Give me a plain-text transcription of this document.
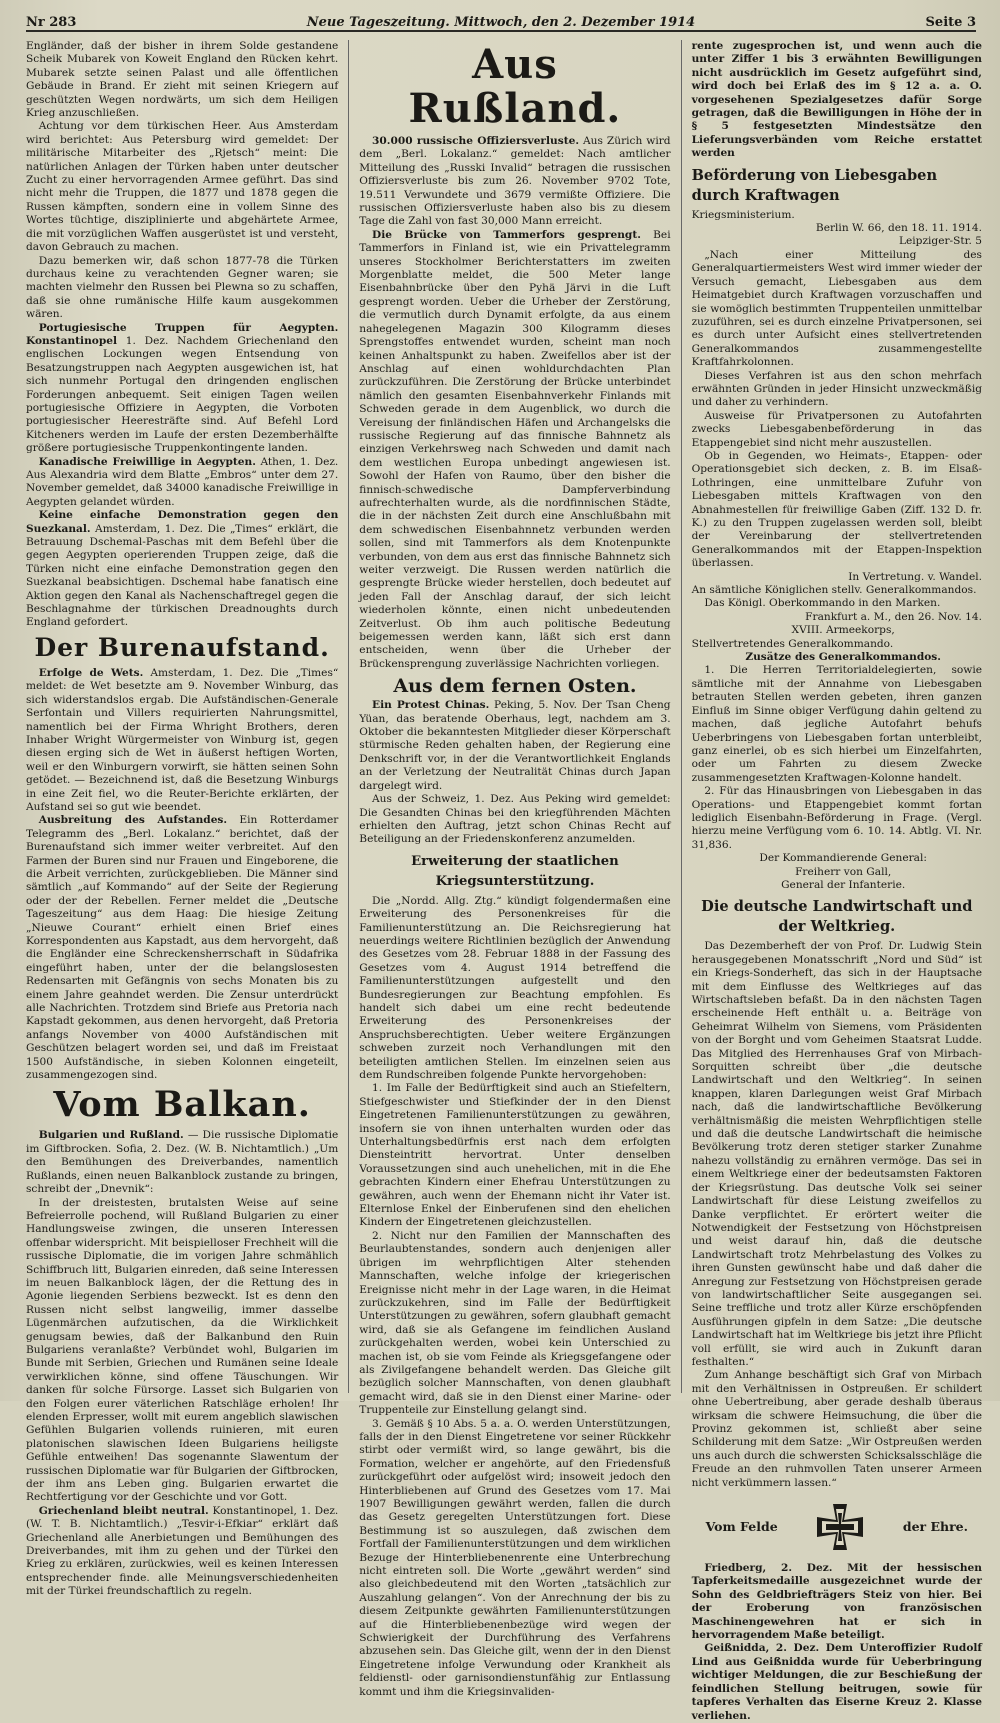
Nr 283	Neue Tageszeitung. Mittwoch, den 2. Dezember 1914	Seite 3

Engländer, daß der bisher in ihrem Solde gestandene Scheik Mubarek von Koweit England den Rücken kehrt. Mubarek setzte seinen Palast und alle öffentlichen Gebäude in Brand. Er zieht mit seinen Kriegern auf geschützten Wegen nordwärts, um sich dem Heiligen Krieg anzuschließen.

Achtung vor dem türkischen Heer. Aus Amsterdam wird berichtet: Aus Petersburg wird gemeldet: Der militärische Mitarbeiter des „Rjetsch“ meint: Die natürlichen Anlagen der Türken haben unter deutscher Zucht zu einer hervorragenden Armee geführt. Das sind nicht mehr die Truppen, die 1877 und 1878 gegen die Russen kämpften, sondern eine in vollem Sinne des Wortes tüchtige, disziplinierte und abgehärtete Armee, die mit vorzüglichen Waffen ausgerüstet ist und versteht, davon Gebrauch zu machen.

Dazu bemerken wir, daß schon 1877-78 die Türken durchaus keine zu verachtenden Gegner waren; sie machten vielmehr den Russen bei Plewna so zu schaffen, daß sie ohne rumänische Hilfe kaum ausgekommen wären.

Portugiesische Truppen für Aegypten. Konstantinopel 1. Dez. Nachdem Griechenland den englischen Lockungen wegen Entsendung von Besatzungstruppen nach Aegypten ausgewichen ist, hat sich nunmehr Portugal den dringenden englischen Forderungen anbequemt. Seit einigen Tagen weilen portugiesische Offiziere in Aegypten, die Vorboten portugiesischer Heeresträfte sind. Auf Befehl Lord Kitcheners werden im Laufe der ersten Dezemberhälfte größere portugiesische Truppenkontingente landen.

Kanadische Freiwillige in Aegypten. Athen, 1. Dez. Aus Alexandria wird dem Blatte „Embros“ unter dem 27. November gemeldet, daß 34000 kanadische Freiwillige in Aegypten gelandet würden.

Keine einfache Demonstration gegen den Suezkanal. Amsterdam, 1. Dez. Die „Times“ erklärt, die Betrauung Dschemal-Paschas mit dem Befehl über die gegen Aegypten operierenden Truppen zeige, daß die Türken nicht eine einfache Demonstration gegen den Suezkanal beabsichtigen. Dschemal habe fanatisch eine Aktion gegen den Kanal als Nachenschaftregel gegen die Beschlagnahme der türkischen Dreadnoughts durch England gefordert.

Der Burenaufstand.

Erfolge de Wets. Amsterdam, 1. Dez. Die „Times“ meldet: de Wet besetzte am 9. November Winburg, das sich widerstandslos ergab. Die Aufständischen-Generale Serfontain und Villers requirierten Nahrungsmittel, namentlich bei der Firma Whright Brothers, deren Inhaber Wright Würgermeister von Winburg ist, gegen diesen erging sich de Wet in äußerst heftigen Worten, weil er den Winburgern vorwirft, sie hätten seinen Sohn getödet. — Bezeichnend ist, daß die Besetzung Winburgs in eine Zeit fiel, wo die Reuter-Berichte erklärten, der Aufstand sei so gut wie beendet.

Ausbreitung des Aufstandes. Ein Rotterdamer Telegramm des „Berl. Lokalanz.“ berichtet, daß der Burenaufstand sich immer weiter verbreitet. Auf den Farmen der Buren sind nur Frauen und Eingeborene, die die Arbeit verrichten, zurückgeblieben. Die Männer sind sämtlich „auf Kommando“ auf der Seite der Regierung oder der der Rebellen. Ferner meldet die „Deutsche Tageszeitung“ aus dem Haag: Die hiesige Zeitung „Nieuwe Courant“ erhielt einen Brief eines Korrespondenten aus Kapstadt, aus dem hervorgeht, daß die Engländer eine Schreckensherrschaft in Südafrika eingeführt haben, unter der die belangslosesten Redensarten mit Gefängnis von sechs Monaten bis zu einem Jahre geahndet werden. Die Zensur unterdrückt alle Nachrichten. Trotzdem sind Briefe aus Pretoria nach Kapstadt gekommen, aus denen hervorgeht, daß Pretoria anfangs November von 4000 Aufständischen mit Geschützen belagert worden sei, und daß im Freistaat 1500 Aufständische, in sieben Kolonnen eingeteilt, zusammengezogen sind.

Vom Balkan.

Bulgarien und Rußland. — Die russische Diplomatie im Giftbrocken. Sofia, 2. Dez. (W. B. Nichtamtlich.) „Um den Bemühungen des Dreiverbandes, namentlich Rußlands, einen neuen Balkanblock zustande zu bringen, schreibt der „Dnevnik“:

In der dreistesten, brutalsten Weise auf seine Befreierrolle pochend, will Rußland Bulgarien zu einer Handlungsweise zwingen, die unseren Interessen offenbar widerspricht. Mit beispielloser Frechheit will die russische Diplomatie, die im vorigen Jahre schmählich Schiffbruch litt, Bulgarien einreden, daß seine Interessen im neuen Balkanblock lägen, der die Rettung des in Agonie liegenden Serbiens bezweckt. Ist es denn den Russen nicht selbst langweilig, immer dasselbe Lügenmärchen aufzutischen, da die Wirklichkeit genugsam bewies, daß der Balkanbund den Ruin Bulgariens veranlaßte? Verbündet wohl, Bulgarien im Bunde mit Serbien, Griechen und Rumänen seine Ideale verwirklichen könne, sind offene Täuschungen. Wir danken für solche Fürsorge. Lasset sich Bulgarien von den Folgen eurer väterlichen Ratschläge erholen! Ihr elenden Erpresser, wollt mit eurem angeblich slawischen Gefühlen Bulgarien vollends ruinieren, mit euren platonischen slawischen Ideen Bulgariens heiligste Gefühle entweihen! Das sogenannte Slawentum der russischen Diplomatie war für Bulgarien der Giftbrocken, der ihm ans Leben ging. Bulgarien erwartet die Rechtfertigung vor der Geschichte und vor Gott.

Griechenland bleibt neutral. Konstantinopel, 1. Dez. (W. T. B. Nichtamtlich.) „Tesvir-i-Efkiar“ erklärt daß Griechenland alle Anerbietungen und Bemühungen des Dreiverbandes, mit ihm zu gehen und der Türkei den Krieg zu erklären, zurückwies, weil es keinen Interessen entsprechender finde. alle Meinungsverschiedenheiten mit der Türkei freundschaftlich zu regeln.

Aus Rußland.

30.000 russische Offiziersverluste. Aus Zürich wird dem „Berl. Lokalanz.“ gemeldet: Nach amtlicher Mitteilung des „Russki Invalid“ betragen die russischen Offiziersverluste bis zum 26. November 9702 Tote, 19.511 Verwundete und 3679 vermißte Offiziere. Die russischen Offiziersverluste haben also bis zu diesem Tage die Zahl von fast 30,000 Mann erreicht.

Die Brücke von Tammerfors gesprengt. Bei Tammerfors in Finland ist, wie ein Privattelegramm unseres Stockholmer Berichterstatters im zweiten Morgenblatte meldet, die 500 Meter lange Eisenbahnbrücke über den Pyhä Järvi in die Luft gesprengt worden. Ueber die Urheber der Zerstörung, die vermutlich durch Dynamit erfolgte, da aus einem nahegelegenen Magazin 300 Kilogramm dieses Sprengstoffes entwendet wurden, scheint man noch keinen Anhaltspunkt zu haben. Zweifellos aber ist der Anschlag auf einen wohldurchdachten Plan zurückzuführen. Die Zerstörung der Brücke unterbindet nämlich den gesamten Eisenbahnverkehr Finlands mit Schweden gerade in dem Augenblick, wo durch die Vereisung der finländischen Häfen und Archangelsks die russische Regierung auf das finnische Bahnnetz als einzigen Verkehrsweg nach Schweden und damit nach dem westlichen Europa unbedingt angewiesen ist. Sowohl der Hafen von Raumo, über den bisher die finnisch-schwedische Dampferverbindung aufrechterhalten wurde, als die nordfinnischen Städte, die in der nächsten Zeit durch eine Anschlußbahn mit dem schwedischen Eisenbahnnetz verbunden werden sollen, sind mit Tammerfors als dem Knotenpunkte verbunden, von dem aus erst das finnische Bahnnetz sich weiter verzweigt. Die Russen werden natürlich die gesprengte Brücke wieder herstellen, doch bedeutet auf jeden Fall der Anschlag darauf, der sich leicht wiederholen könnte, einen nicht unbedeutenden Zeitverlust. Ob ihm auch politische Bedeutung beigemessen werden kann, läßt sich erst dann entscheiden, wenn über die Urheber der Brückensprengung zuverlässige Nachrichten vorliegen.

Aus dem fernen Osten.

Ein Protest Chinas. Peking, 5. Nov. Der Tsan Cheng Yüan, das beratende Oberhaus, legt, nachdem am 3. Oktober die bekanntesten Mitglieder dieser Körperschaft stürmische Reden gehalten haben, der Regierung eine Denkschrift vor, in der die Verantwortlichkeit Englands an der Verletzung der Neutralität Chinas durch Japan dargelegt wird.

Aus der Schweiz, 1. Dez. Aus Peking wird gemeldet: Die Gesandten Chinas bei den kriegführenden Mächten erhielten den Auftrag, jetzt schon Chinas Recht auf Beteiligung an der Friedenskonferenz anzumelden.

Erweiterung der staatlichen Kriegsunterstützung.

Die „Nordd. Allg. Ztg.“ kündigt folgendermaßen eine Erweiterung des Personenkreises für die Familienunterstützung an. Die Reichsregierung hat neuerdings weitere Richtlinien bezüglich der Anwendung des Gesetzes vom 28. Februar 1888 in der Fassung des Gesetzes vom 4. August 1914 betreffend die Familienunterstützungen aufgestellt und den Bundesregierungen zur Beachtung empfohlen. Es handelt sich dabei um eine recht bedeutende Erweiterung des Personenkreises der Anspruchsberechtigten. Ueber weitere Ergänzungen schweben zurzeit noch Verhandlungen mit den beteiligten amtlichen Stellen. Im einzelnen seien aus dem Rundschreiben folgende Punkte hervorgehoben:

1. Im Falle der Bedürftigkeit sind auch an Stiefeltern, Stiefgeschwister und Stiefkinder der in den Dienst Eingetretenen Familienunterstützungen zu gewähren, insofern sie von ihnen unterhalten wurden oder das Unterhaltungsbedürfnis erst nach dem erfolgten Diensteintritt hervortrat. Unter denselben Voraussetzungen sind auch unehelichen, mit in die Ehe gebrachten Kindern einer Ehefrau Unterstützungen zu gewähren, auch wenn der Ehemann nicht ihr Vater ist. Elternlose Enkel der Einberufenen sind den ehelichen Kindern der Eingetretenen gleichzustellen.

2. Nicht nur den Familien der Mannschaften des Beurlaubtenstandes, sondern auch denjenigen aller übrigen im wehrpflichtigen Alter stehenden Mannschaften, welche infolge der kriegerischen Ereignisse nicht mehr in der Lage waren, in die Heimat zurückzukehren, sind im Falle der Bedürftigkeit Unterstützungen zu gewähren, sofern glaubhaft gemacht wird, daß sie als Gefangene im feindlichen Ausland zurückgehalten werden, wobei kein Unterschied zu machen ist, ob sie vom Feinde als Kriegsgefangene oder als Zivilgefangene behandelt werden. Das Gleiche gilt bezüglich solcher Mannschaften, von denen glaubhaft gemacht wird, daß sie in den Dienst einer Marine- oder Truppenteile zur Einstellung gelangt sind.

3. Gemäß § 10 Abs. 5 a. a. O. werden Unterstützungen, falls der in den Dienst Eingetretene vor seiner Rückkehr stirbt oder vermißt wird, so lange gewährt, bis die Formation, welcher er angehörte, auf den Friedensfuß zurückgeführt oder aufgelöst wird; insoweit jedoch den Hinterbliebenen auf Grund des Gesetzes vom 17. Mai 1907 Bewilligungen gewährt werden, fallen die durch das Gesetz geregelten Unterstützungen fort. Diese Bestimmung ist so auszulegen, daß zwischen dem Fortfall der Familienunterstützungen und dem wirklichen Bezuge der Hinterbliebenenrente eine Unterbrechung nicht eintreten soll. Die Worte „gewährt werden“ sind also gleichbedeutend mit den Worten „tatsächlich zur Auszahlung gelangen“. Von der Anrechnung der bis zu diesem Zeitpunkte gewährten Familienunterstützungen auf die Hinterbliebenenbezüge wird wegen der Schwierigkeit der Durchführung des Verfahrens abzusehen sein. Das Gleiche gilt, wenn der in den Dienst Eingetretene infolge Verwundung oder Krankheit als feldienstl- oder garnisondienstunfähig zur Entlassung kommt und ihm die Kriegsinvaliden-

rente zugesprochen ist, und wenn auch die unter Ziffer 1 bis 3 erwähnten Bewilligungen nicht ausdrücklich im Gesetz aufgeführt sind, wird doch bei Erlaß des im § 12 a. a. O. vorgesehenen Spezialgesetzes dafür Sorge getragen, daß die Bewilligungen in Höhe der in § 5 festgesetzten Mindestsätze den Lieferungsverbänden vom Reiche erstattet werden

Beförderung von Liebesgaben durch Kraftwagen

Kriegsministerium.

Berlin W. 66, den 18. 11. 1914.

Leipziger-Str. 5

„Nach einer Mitteilung des Generalquartiermeisters West wird immer wieder der Versuch gemacht, Liebesgaben aus dem Heimatgebiet durch Kraftwagen vorzuschaffen und sie womöglich bestimmten Truppenteilen unmittelbar zuzuführen, sei es durch einzelne Privatpersonen, sei es durch unter Aufsicht eines stellvertretenden Generalkommandos zusammengestellte Kraftfahrkolonnen.

Dieses Verfahren ist aus den schon mehrfach erwähnten Gründen in jeder Hinsicht unzweckmäßig und daher zu verhindern.

Ausweise für Privatpersonen zu Autofahrten zwecks Liebesgabenbeförderung in das Etappengebiet sind nicht mehr auszustellen.

Ob in Gegenden, wo Heimats-, Etappen- oder Operationsgebiet sich decken, z. B. im Elsaß-Lothringen, eine unmittelbare Zufuhr von Liebesgaben mittels Kraftwagen von den Abnahmestellen für freiwillige Gaben (Ziff. 132 D. fr. K.) zu den Truppen zugelassen werden soll, bleibt der Vereinbarung der stellvertretenden Generalkommandos mit der Etappen-Inspektion überlassen.

In Vertretung. v. Wandel.

An sämtliche Königlichen stellv. Generalkommandos.

Das Königl. Oberkommando in den Marken.

Frankfurt a. M., den 26. Nov. 14.

XVIII. Armeekorps,

Stellvertretendes Generalkommando.

Zusätze des Generalkommandos.

1. Die Herren Territorialdelegierten, sowie sämtliche mit der Annahme von Liebesgaben betrauten Stellen werden gebeten, ihren ganzen Einfluß im Sinne obiger Verfügung dahin geltend zu machen, daß jegliche Autofahrt behufs Ueberbringens von Liebesgaben fortan unterbleibt, ganz einerlei, ob es sich hierbei um Einzelfahrten, oder um Fahrten zu diesem Zwecke zusammengesetzten Kraftwagen-Kolonne handelt.

2. Für das Hinausbringen von Liebesgaben in das Operations- und Etappengebiet kommt fortan lediglich Eisenbahn-Beförderung in Frage. (Vergl. hierzu meine Verfügung vom 6. 10. 14. Abtlg. VI. Nr. 31,836.

Der Kommandierende General:

Freiherr von Gall,

General der Infanterie.

Die deutsche Landwirtschaft und der Weltkrieg.

Das Dezemberheft der von Prof. Dr. Ludwig Stein herausgegebenen Monatsschrift „Nord und Süd“ ist ein Kriegs-Sonderheft, das sich in der Hauptsache mit dem Einflusse des Weltkrieges auf das Wirtschaftsleben befaßt. Da in den nächsten Tagen erscheinende Heft enthält u. a. Beiträge von Geheimrat Wilhelm von Siemens, vom Präsidenten von der Borght und vom Geheimen Staatsrat Ludde. Das Mitglied des Herrenhauses Graf von Mirbach-Sorquitten schreibt über „die deutsche Landwirtschaft und den Weltkrieg“. In seinen knappen, klaren Darlegungen weist Graf Mirbach nach, daß die landwirtschaftliche Bevölkerung verhältnismäßig die meisten Wehrpflichtigen stelle und daß die deutsche Landwirtschaft die heimische Bevölkerung trotz deren stetiger starker Zunahme nahezu vollständig zu ernähren vermöge. Das sei in einem Weltkriege einer der bedeutsamsten Faktoren der Kriegsrüstung. Das deutsche Volk sei seiner Landwirtschaft für diese Leistung zweifellos zu Danke verpflichtet. Er erörtert weiter die Notwendigkeit der Festsetzung von Höchstpreisen und weist darauf hin, daß die deutsche Landwirtschaft trotz Mehrbelastung des Volkes zu ihren Gunsten gewünscht habe und daß daher die Anregung zur Festsetzung von Höchstpreisen gerade von landwirtschaftlicher Seite ausgegangen sei. Seine treffliche und trotz aller Kürze erschöpfenden Ausführungen gipfeln in dem Satze: „Die deutsche Landwirtschaft hat im Weltkriege bis jetzt ihre Pflicht voll erfüllt, sie wird auch in Zukunft daran festhalten.“

Zum Anhange beschäftigt sich Graf von Mirbach mit den Verhältnissen in Ostpreußen. Er schildert ohne Uebertreibung, aber gerade deshalb überaus wirksam die schwere Heimsuchung, die über die Provinz gekommen ist, schließt aber seine Schilderung mit dem Satze: „Wir Ostpreußen werden uns auch durch die schwersten Schicksalsschläge die Freude an den ruhmvollen Taten unserer Armeen nicht verkümmern lassen.“

Vom Felde	der Ehre.

Friedberg, 2. Dez. Mit der hessischen Tapferkeitsmedaille ausgezeichnet wurde der Sohn des Geldbriefträgers Steiz von hier. Bei der Eroberung von französischen Maschinengewehren hat er sich in hervorragendem Maße beteiligt.

Geißnidda, 2. Dez. Dem Unteroffizier Rudolf Lind aus Geißnidda wurde für Ueberbringung wichtiger Meldungen, die zur Beschießung der feindlichen Stellung beitrugen, sowie für tapferes Verhalten das Eiserne Kreuz 2. Klasse verliehen.
